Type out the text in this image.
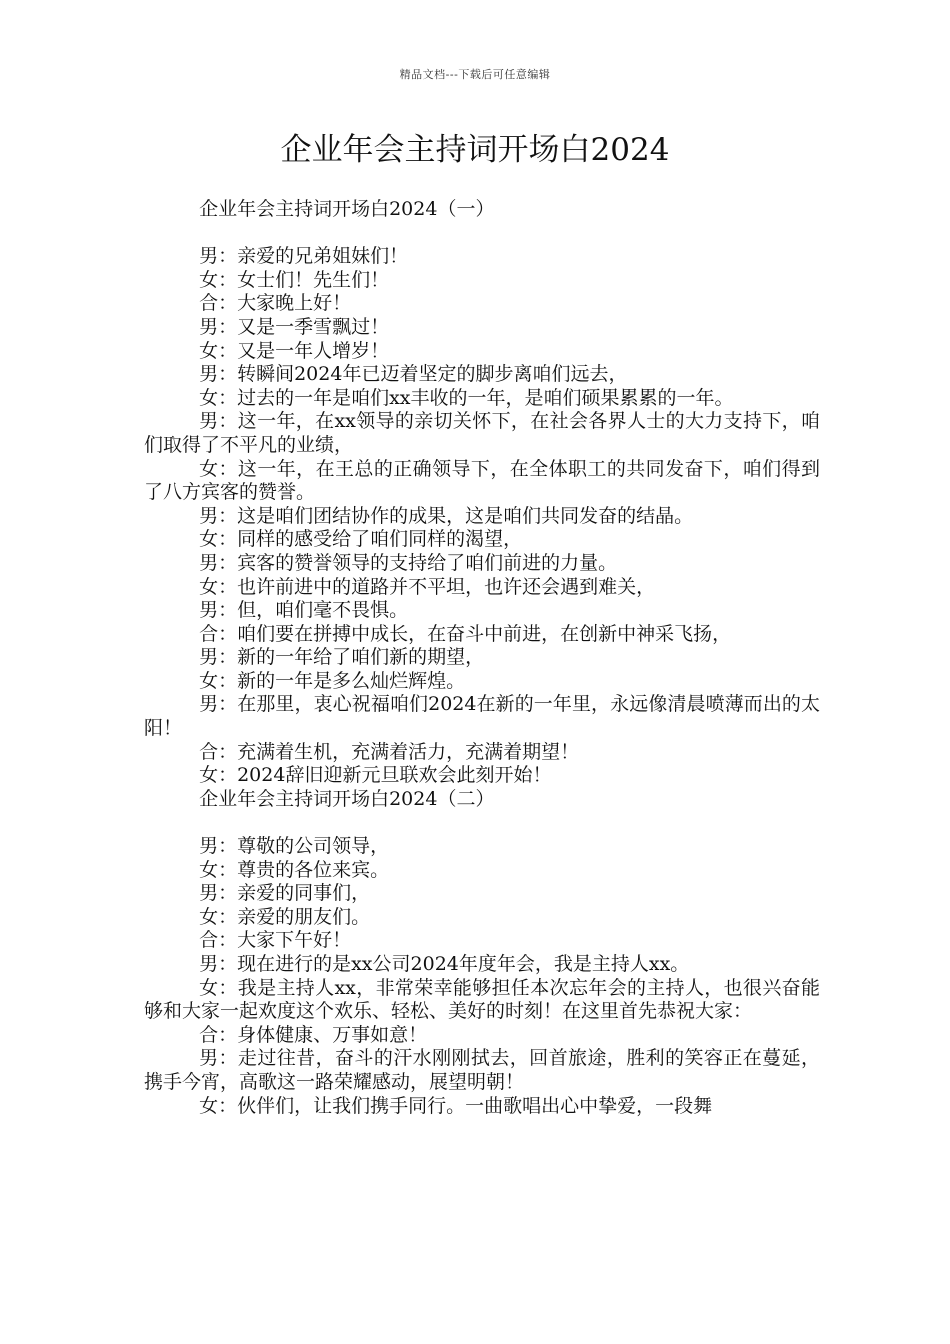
精品文档---下载后可任意编辑
企业年会主持词开场白2024

企业年会主持词开场白2024（一）

男：亲爱的兄弟姐妹们！

女：女士们！先生们！

合：大家晚上好！

男：又是一季雪飘过！

女：又是一年人增岁！

男：转瞬间2024年已迈着坚定的脚步离咱们远去，

女：过去的一年是咱们xx丰收的一年，是咱们硕果累累的一年。

男：这一年，在xx领导的亲切关怀下，在社会各界人士的大力支持下，咱们取得了不平凡的业绩，

女：这一年，在王总的正确领导下，在全体职工的共同发奋下，咱们得到了八方宾客的赞誉。

男：这是咱们团结协作的成果，这是咱们共同发奋的结晶。

女：同样的感受给了咱们同样的渴望，

男：宾客的赞誉领导的支持给了咱们前进的力量。

女：也许前进中的道路并不平坦，也许还会遇到难关，

男：但，咱们毫不畏惧。

合：咱们要在拼搏中成长，在奋斗中前进，在创新中神采飞扬，

男：新的一年给了咱们新的期望，

女：新的一年是多么灿烂辉煌。

男：在那里，衷心祝福咱们2024在新的一年里，永远像清晨喷薄而出的太阳！

合：充满着生机，充满着活力，充满着期望！

女：2024辞旧迎新元旦联欢会此刻开始！

企业年会主持词开场白2024（二）

男：尊敬的公司领导，

女：尊贵的各位来宾。

男：亲爱的同事们，

女：亲爱的朋友们。

合：大家下午好！

男：现在进行的是xx公司2024年度年会，我是主持人xx。

女：我是主持人xx，非常荣幸能够担任本次忘年会的主持人，也很兴奋能够和大家一起欢度这个欢乐、轻松、美好的时刻！在这里首先恭祝大家：

合：身体健康、万事如意！

男：走过往昔，奋斗的汗水刚刚拭去，回首旅途，胜利的笑容正在蔓延，携手今宵，高歌这一路荣耀感动，展望明朝！

女：伙伴们，让我们携手同行。一曲歌唱出心中挚爱，一段舞
